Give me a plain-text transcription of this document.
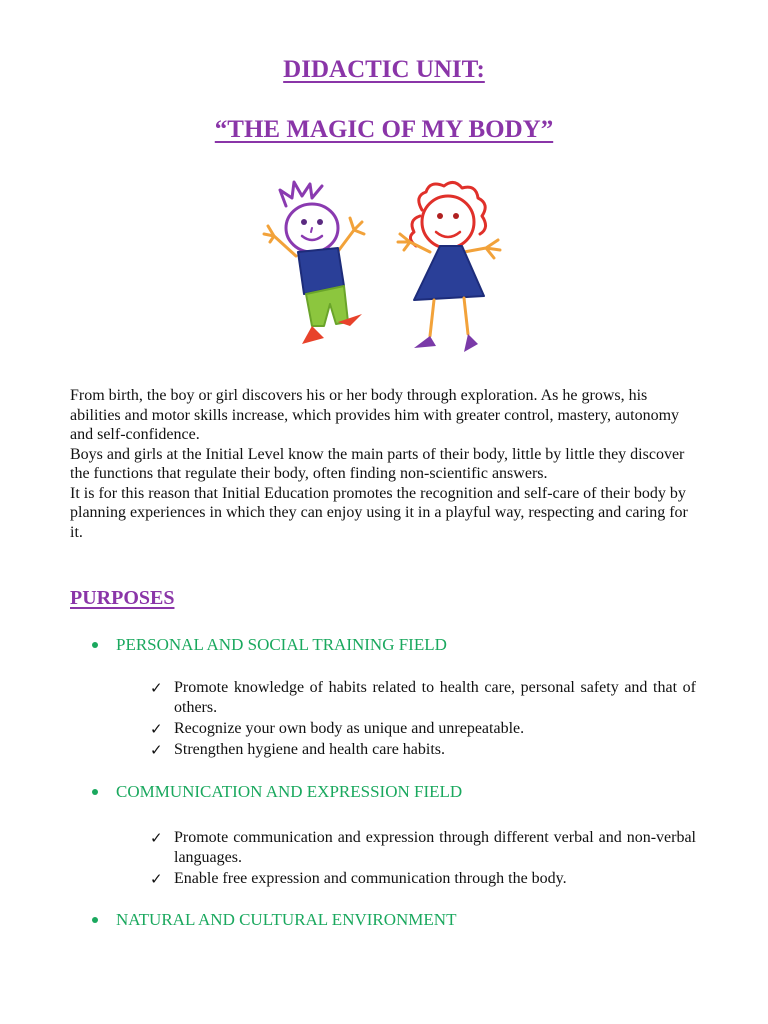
DIDACTIC UNIT:
“THE MAGIC OF MY BODY”

From birth, the boy or girl discovers his or her body through exploration. As he grows, his abilities and motor skills increase, which provides him with greater control, mastery, autonomy and self-confidence.

Boys and girls at the Initial Level know the main parts of their body, little by little they discover the functions that regulate their body, often finding non-scientific answers.

It is for this reason that Initial Education promotes the recognition and self-care of their body by planning experiences in which they can enjoy using it in a playful way, respecting and caring for it.

PURPOSES
PERSONAL AND SOCIAL TRAINING FIELD
✓ Promote knowledge of habits related to health care, personal safety and that of others.
✓ Recognize your own body as unique and unrepeatable.
✓ Strengthen hygiene and health care habits.
COMMUNICATION AND EXPRESSION FIELD
✓ Promote communication and expression through different verbal and non-verbal languages.
✓ Enable free expression and communication through the body.
NATURAL AND CULTURAL ENVIRONMENT
